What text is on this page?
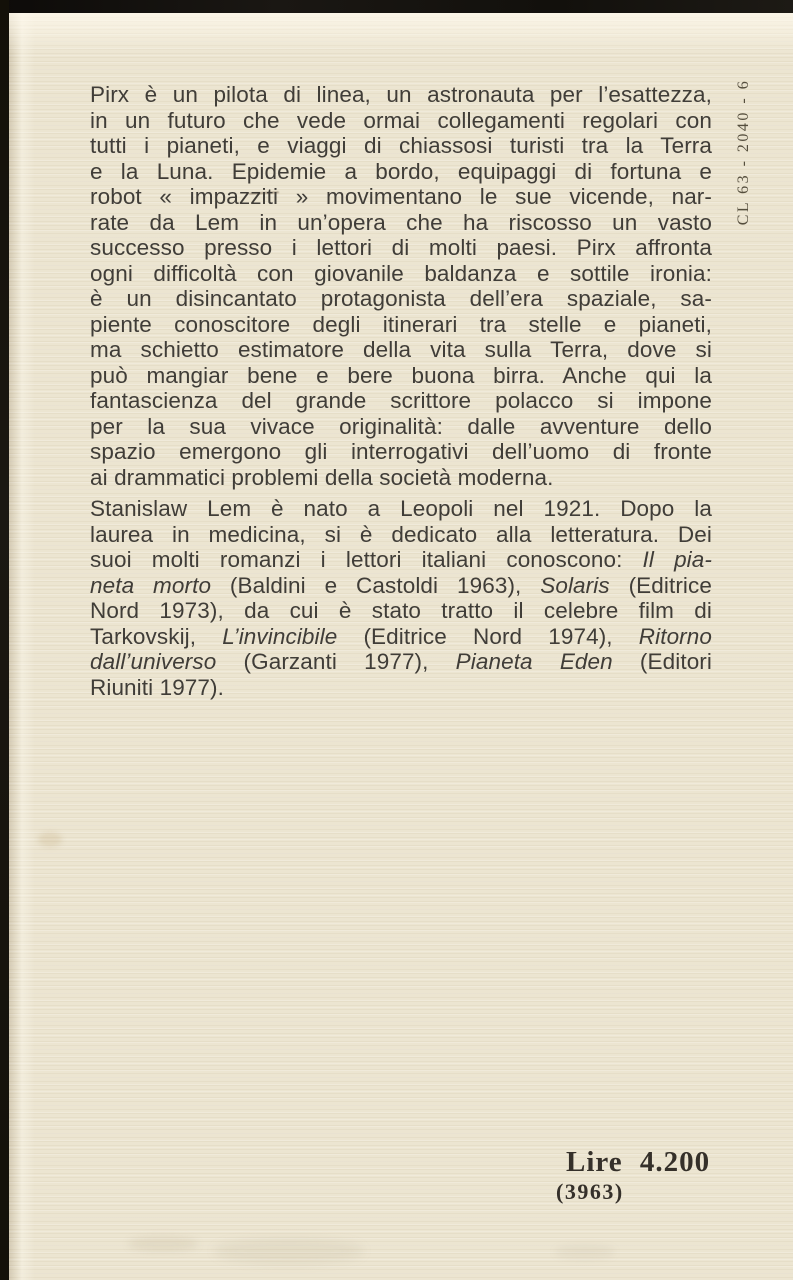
Pirx è un pilota di linea, un astronauta per l’esattezza,
in un futuro che vede ormai collegamenti regolari con
tutti i pianeti, e viaggi di chiassosi turisti tra la Terra
e la Luna. Epidemie a bordo, equipaggi di fortuna e
robot « impazziti » movimentano le sue vicende, nar-
rate da Lem in un’opera che ha riscosso un vasto
successo presso i lettori di molti paesi. Pirx affronta
ogni difficoltà con giovanile baldanza e sottile ironia:
è un disincantato protagonista dell’era spaziale, sa-
piente conoscitore degli itinerari tra stelle e pianeti,
ma schietto estimatore della vita sulla Terra, dove si
può mangiar bene e bere buona birra. Anche qui la
fantascienza del grande scrittore polacco si impone
per la sua vivace originalità: dalle avventure dello
spazio emergono gli interrogativi dell’uomo di fronte
ai drammatici problemi della società moderna.
Stanislaw Lem è nato a Leopoli nel 1921. Dopo la
laurea in medicina, si è dedicato alla letteratura. Dei
suoi molti romanzi i lettori italiani conoscono: Il pia-
neta morto (Baldini e Castoldi 1963), Solaris (Editrice
Nord 1973), da cui è stato tratto il celebre film di
Tarkovskij, L’invincibile (Editrice Nord 1974), Ritorno
dall’universo (Garzanti 1977), Pianeta Eden (Editori
Riuniti 1977).
CL 63 - 2040 - 6
Lire 4.200
(3963)
